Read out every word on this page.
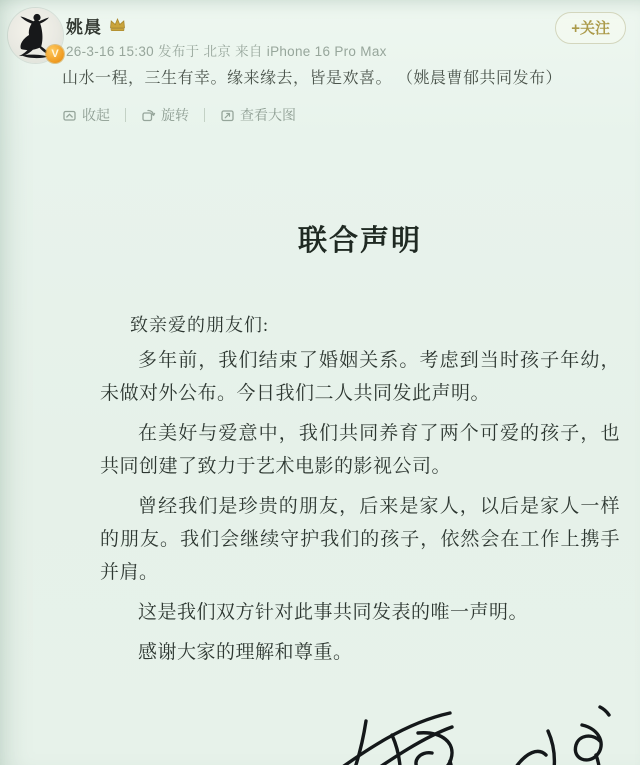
V
姚晨
26-3-16 15:30 发布于 北京 来自 iPhone 16 Pro Max
+关注
山水一程，三生有幸。缘来缘去，皆是欢喜。 （姚晨曹郁共同发布）
收起	旋转	查看大图
联合声明

致亲爱的朋友们:

多年前，我们结束了婚姻关系。考虑到当时孩子年幼，未做对外公布。今日我们二人共同发此声明。

在美好与爱意中，我们共同养育了两个可爱的孩子，也共同创建了致力于艺术电影的影视公司。

曾经我们是珍贵的朋友，后来是家人，以后是家人一样的朋友。我们会继续守护我们的孩子，依然会在工作上携手并肩。

这是我们双方针对此事共同发表的唯一声明。

感谢大家的理解和尊重。
